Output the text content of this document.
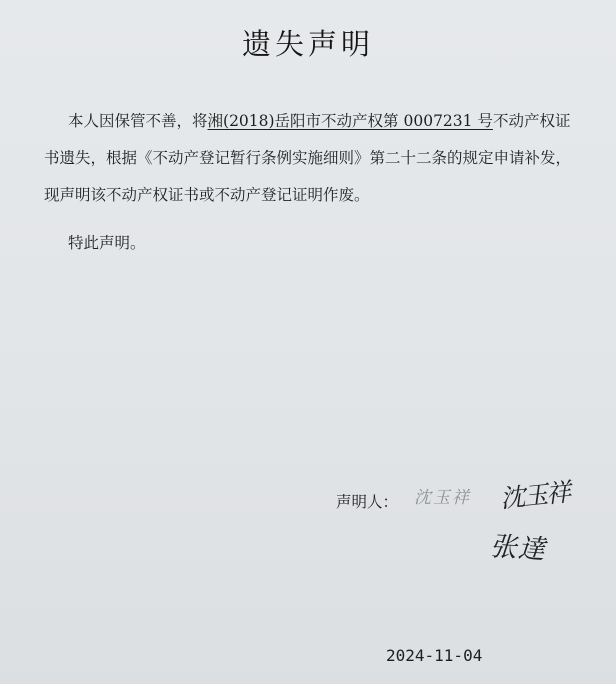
遗失声明
本人因保管不善，将湘(2018)岳阳市不动产权第 0007231 号不动产权证书遗失，根据《不动产登记暂行条例实施细则》第二十二条的规定申请补发，现声明该不动产权证书或不动产登记证明作废。
特此声明。
声明人： 沈玉祥 沈玉祥
张達
2024-11-04
